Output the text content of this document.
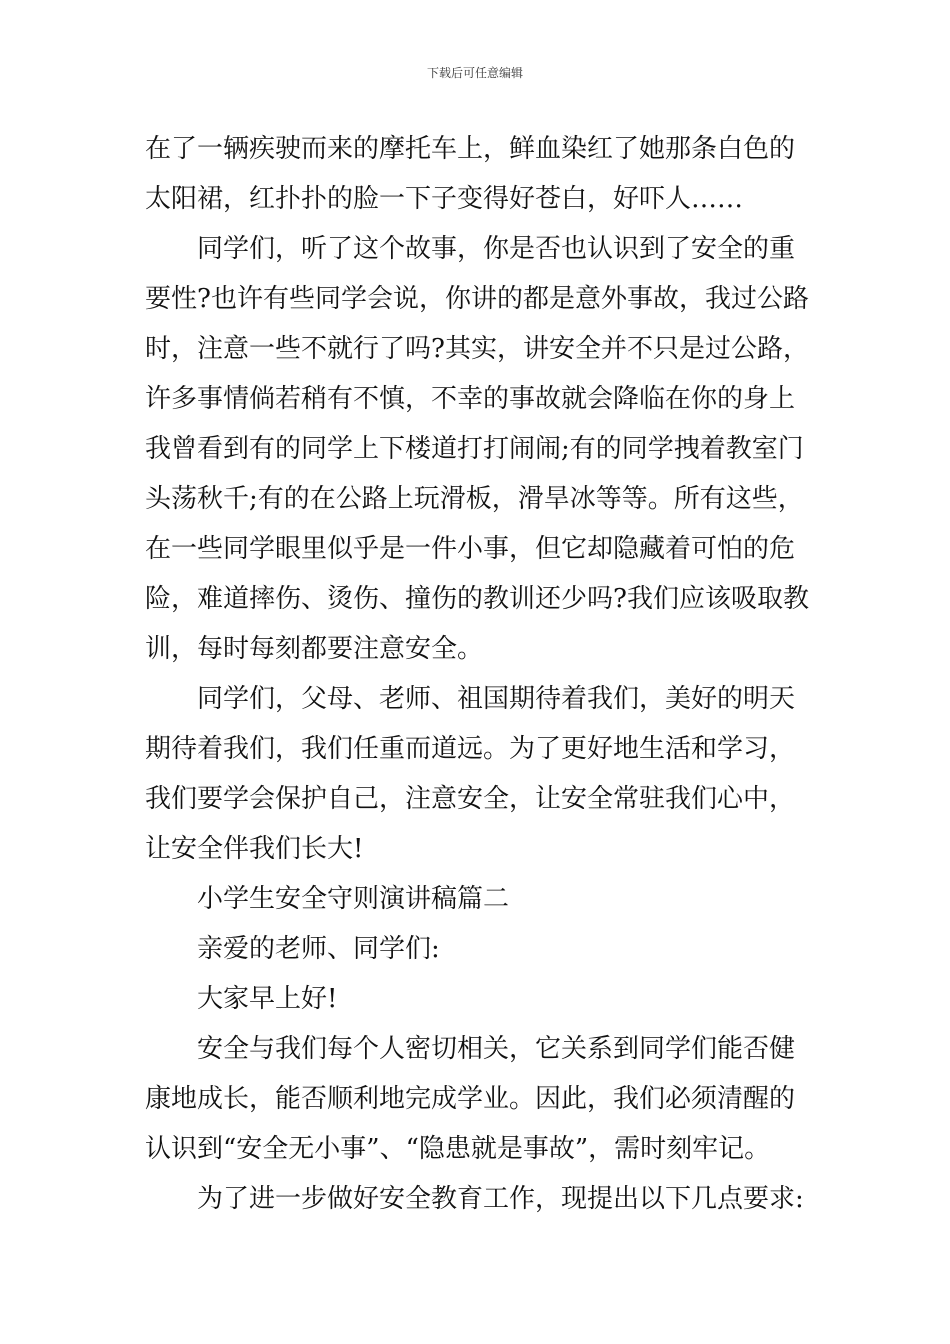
下载后可任意编辑
在了一辆疾驶而来的摩托车上，鲜血染红了她那条白色的
太阳裙，红扑扑的脸一下子变得好苍白，好吓人……
同学们，听了这个故事，你是否也认识到了安全的重
要性?也许有些同学会说，你讲的都是意外事故，我过公路
时，注意一些不就行了吗?其实，讲安全并不只是过公路，
许多事情倘若稍有不慎，不幸的事故就会降临在你的身上
我曾看到有的同学上下楼道打打闹闹;有的同学拽着教室门
头荡秋千;有的在公路上玩滑板，滑旱冰等等。所有这些，
在一些同学眼里似乎是一件小事，但它却隐藏着可怕的危
险，难道摔伤、烫伤、撞伤的教训还少吗?我们应该吸取教
训，每时每刻都要注意安全。
同学们，父母、老师、祖国期待着我们，美好的明天
期待着我们，我们任重而道远。为了更好地生活和学习，
我们要学会保护自己，注意安全，让安全常驻我们心中，
让安全伴我们长大!
小学生安全守则演讲稿篇二
亲爱的老师、同学们:
大家早上好!
安全与我们每个人密切相关，它关系到同学们能否健
康地成长，能否顺利地完成学业。因此，我们必须清醒的
认识到“安全无小事”、“隐患就是事故”，需时刻牢记。
为了进一步做好安全教育工作，现提出以下几点要求:
